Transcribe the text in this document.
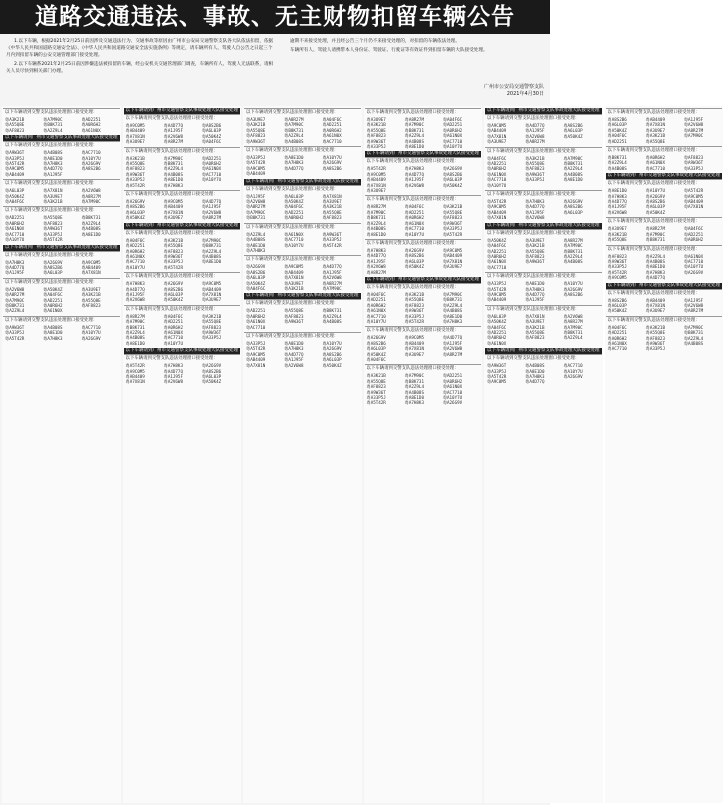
道路交通违法、事故、无主财物扣留车辆公告

1.以下车辆，根据2021年2月25日前因涉及交通违法行为、交通事故等原因由广州市公安局交通警察支队各大队依法扣留，依据《中华人民共和国道路交通安全法》、《中华人民共和国道路交通安全法实施条例》等规定，请车辆所有人、驾驶人自公告之日起三个月内到扣留车辆的公安交通管理部门接受处理。

2.以下车辆系2021年2月25日前因涉嫌违法被扣留的车辆，经公安机关交通管理部门调查，车辆所有人、驾驶人无法联系，请相关人员尽快到相关部门办理。

逾期不来接受处理，并且经公告三个月仍不来接受处理的，对扣留的车辆依法处理。

车辆所有人、驾驶人请携带本人身份证、驾驶证、行驶证等有效证件到扣留车辆的大队接受处理。

广州市公安局交通警察支队
2021年4月30日
以下车辆请到交警支队违法处理窗口接受处理：
粤A3K21B	粤A7M90C	粤AD2251
粤A55Q8E	粤B8K731	粤A0R6H2
粤AF8823	粤A2Z9L4	粤A61N0X
以下车辆请到广州市交通警察支队事故处理大队接受处理
以下车辆请到交警支队违法处理窗口接受处理：
粤A9W36T	粤A4B08S	粤AC7710
粤A33P5J	粤A8E1D0	粤A10Y7U
粤A5T42R	粤A7H8K3	粤A26G9V
粤A9C0M5	粤A4D77Q	粤A8S2B6
粤AB4409	粤A1J95F
以下车辆请到交警支队违法处理窗口接受处理：
粤A6L03P	粤A7X81N	粤A2V6W8
粤A50K4Z	粤A3U9E7	粤A8R27M
粤A04F6C	粤A3K21B	粤A7M90C
以下车辆请到交警支队违法处理窗口接受处理：
粤AD2251	粤A55Q8E	粤B8K731
粤A0R6H2	粤AF8823	粤A2Z9L4
粤A61N0X	粤A9W36T	粤A4B08S
粤AC7710	粤A33P5J	粤A8E1D0
粤A10Y7U	粤A5T42R
以下车辆请到广州市交通警察支队事故处理大队接受处理
以下车辆请到交警支队违法处理窗口接受处理：
粤A7H8K3	粤A26G9V	粤A9C0M5
粤A4D77Q	粤A8S2B6	粤AB4409
粤A1J95F	粤A6L03P	粤A7X81N
以下车辆请到交警支队违法处理窗口接受处理：
粤A2V6W8	粤A50K4Z	粤A3U9E7
粤A8R27M	粤A04F6C	粤A3K21B
粤A7M90C	粤AD2251	粤A55Q8E
粤B8K731	粤A0R6H2	粤AF8823
粤A2Z9L4	粤A61N0X
以下车辆请到交警支队违法处理窗口接受处理：
粤A9W36T	粤A4B08S	粤AC7710
粤A33P5J	粤A8E1D0	粤A10Y7U
粤A5T42R	粤A7H8K3	粤A26G9V
以下车辆请到广州市交通警察支队事故处理大队接受处理
以下车辆请到交警支队违法处理窗口接受处理：
粤A9C0M5	粤A4D77Q	粤A8S2B6
粤AB4409	粤A1J95F	粤A6L03P
粤A7X81N	粤A2V6W8	粤A50K4Z
粤A3U9E7	粤A8R27M	粤A04F6C
以下车辆请到交警支队违法处理窗口接受处理：
粤A3K21B	粤A7M90C	粤AD2251
粤A55Q8E	粤B8K731	粤A0R6H2
粤AF8823	粤A2Z9L4	粤A61N0X
粤A9W36T	粤A4B08S	粤AC7710
粤A33P5J	粤A8E1D0	粤A10Y7U
粤A5T42R	粤A7H8K3
以下车辆请到交警支队违法处理窗口接受处理：
粤A26G9V	粤A9C0M5	粤A4D77Q
粤A8S2B6	粤AB4409	粤A1J95F
粤A6L03P	粤A7X81N	粤A2V6W8
粤A50K4Z	粤A3U9E7	粤A8R27M
以下车辆请到广州市交通警察支队事故处理大队接受处理
以下车辆请到交警支队违法处理窗口接受处理：
粤A04F6C	粤A3K21B	粤A7M90C
粤AD2251	粤A55Q8E	粤B8K731
粤A0R6H2	粤AF8823	粤A2Z9L4
粤A61N0X	粤A9W36T	粤A4B08S
粤AC7710	粤A33P5J	粤A8E1D0
粤A10Y7U	粤A5T42R
以下车辆请到交警支队违法处理窗口接受处理：
粤A7H8K3	粤A26G9V	粤A9C0M5
粤A4D77Q	粤A8S2B6	粤AB4409
粤A1J95F	粤A6L03P	粤A7X81N
粤A2V6W8	粤A50K4Z	粤A3U9E7
以下车辆请到交警支队违法处理窗口接受处理：
粤A8R27M	粤A04F6C	粤A3K21B
粤A7M90C	粤AD2251	粤A55Q8E
粤B8K731	粤A0R6H2	粤AF8823
粤A2Z9L4	粤A61N0X	粤A9W36T
粤A4B08S	粤AC7710	粤A33P5J
粤A8E1D0	粤A10Y7U
以下车辆请到广州市交通警察支队事故处理大队接受处理
以下车辆请到交警支队违法处理窗口接受处理：
粤A5T42R	粤A7H8K3	粤A26G9V
粤A9C0M5	粤A4D77Q	粤A8S2B6
粤AB4409	粤A1J95F	粤A6L03P
粤A7X81N	粤A2V6W8	粤A50K4Z
以下车辆请到交警支队违法处理窗口接受处理：
粤A3U9E7	粤A8R27M	粤A04F6C
粤A3K21B	粤A7M90C	粤AD2251
粤A55Q8E	粤B8K731	粤A0R6H2
粤AF8823	粤A2Z9L4	粤A61N0X
粤A9W36T	粤A4B08S	粤AC7710
以下车辆请到交警支队违法处理窗口接受处理：
粤A33P5J	粤A8E1D0	粤A10Y7U
粤A5T42R	粤A7H8K3	粤A26G9V
粤A9C0M5	粤A4D77Q	粤A8S2B6
粤AB4409
以下车辆请到广州市交通警察支队事故处理大队接受处理
以下车辆请到交警支队违法处理窗口接受处理：
粤A1J95F	粤A6L03P	粤A7X81N
粤A2V6W8	粤A50K4Z	粤A3U9E7
粤A8R27M	粤A04F6C	粤A3K21B
粤A7M90C	粤AD2251	粤A55Q8E
粤B8K731	粤A0R6H2	粤AF8823
以下车辆请到交警支队违法处理窗口接受处理：
粤A2Z9L4	粤A61N0X	粤A9W36T
粤A4B08S	粤AC7710	粤A33P5J
粤A8E1D0	粤A10Y7U	粤A5T42R
粤A7H8K3
以下车辆请到交警支队违法处理窗口接受处理：
粤A26G9V	粤A9C0M5	粤A4D77Q
粤A8S2B6	粤AB4409	粤A1J95F
粤A6L03P	粤A7X81N	粤A2V6W8
粤A50K4Z	粤A3U9E7	粤A8R27M
粤A04F6C	粤A3K21B	粤A7M90C
以下车辆请到广州市交通警察支队事故处理大队接受处理
以下车辆请到交警支队违法处理窗口接受处理：
粤AD2251	粤A55Q8E	粤B8K731
粤A0R6H2	粤AF8823	粤A2Z9L4
粤A61N0X	粤A9W36T	粤A4B08S
粤AC7710
以下车辆请到交警支队违法处理窗口接受处理：
粤A33P5J	粤A8E1D0	粤A10Y7U
粤A5T42R	粤A7H8K3	粤A26G9V
粤A9C0M5	粤A4D77Q	粤A8S2B6
粤AB4409	粤A1J95F	粤A6L03P
粤A7X81N	粤A2V6W8	粤A50K4Z
以下车辆请到交警支队违法处理窗口接受处理：
粤A3U9E7	粤A8R27M	粤A04F6C
粤A3K21B	粤A7M90C	粤AD2251
粤A55Q8E	粤B8K731	粤A0R6H2
粤AF8823	粤A2Z9L4	粤A61N0X
粤A9W36T	粤A4B08S	粤AC7710
粤A33P5J	粤A8E1D0	粤A10Y7U
以下车辆请到广州市交通警察支队事故处理大队接受处理
以下车辆请到交警支队违法处理窗口接受处理：
粤A5T42R	粤A7H8K3	粤A26G9V
粤A9C0M5	粤A4D77Q	粤A8S2B6
粤AB4409	粤A1J95F	粤A6L03P
粤A7X81N	粤A2V6W8	粤A50K4Z
粤A3U9E7
以下车辆请到交警支队违法处理窗口接受处理：
粤A8R27M	粤A04F6C	粤A3K21B
粤A7M90C	粤AD2251	粤A55Q8E
粤B8K731	粤A0R6H2	粤AF8823
粤A2Z9L4	粤A61N0X	粤A9W36T
粤A4B08S	粤AC7710	粤A33P5J
粤A8E1D0	粤A10Y7U	粤A5T42R
以下车辆请到交警支队违法处理窗口接受处理：
粤A7H8K3	粤A26G9V	粤A9C0M5
粤A4D77Q	粤A8S2B6	粤AB4409
粤A1J95F	粤A6L03P	粤A7X81N
粤A2V6W8	粤A50K4Z	粤A3U9E7
粤A8R27M
以下车辆请到广州市交通警察支队事故处理大队接受处理
以下车辆请到交警支队违法处理窗口接受处理：
粤A04F6C	粤A3K21B	粤A7M90C
粤AD2251	粤A55Q8E	粤B8K731
粤A0R6H2	粤AF8823	粤A2Z9L4
粤A61N0X	粤A9W36T	粤A4B08S
粤AC7710	粤A33P5J	粤A8E1D0
粤A10Y7U	粤A5T42R	粤A7H8K3
以下车辆请到交警支队违法处理窗口接受处理：
粤A26G9V	粤A9C0M5	粤A4D77Q
粤A8S2B6	粤AB4409	粤A1J95F
粤A6L03P	粤A7X81N	粤A2V6W8
粤A50K4Z	粤A3U9E7	粤A8R27M
粤A04F6C
以下车辆请到交警支队违法处理窗口接受处理：
粤A3K21B	粤A7M90C	粤AD2251
粤A55Q8E	粤B8K731	粤A0R6H2
粤AF8823	粤A2Z9L4	粤A61N0X
粤A9W36T	粤A4B08S	粤AC7710
粤A33P5J	粤A8E1D0	粤A10Y7U
粤A5T42R	粤A7H8K3	粤A26G9V
以下车辆请到广州市交通警察支队事故处理大队接受处理
以下车辆请到交警支队违法处理窗口接受处理：
粤A9C0M5	粤A4D77Q	粤A8S2B6
粤AB4409	粤A1J95F	粤A6L03P
粤A7X81N	粤A2V6W8	粤A50K4Z
粤A3U9E7	粤A8R27M
以下车辆请到交警支队违法处理窗口接受处理：
粤A04F6C	粤A3K21B	粤A7M90C
粤AD2251	粤A55Q8E	粤B8K731
粤A0R6H2	粤AF8823	粤A2Z9L4
粤A61N0X	粤A9W36T	粤A4B08S
粤AC7710	粤A33P5J	粤A8E1D0
粤A10Y7U
以下车辆请到交警支队违法处理窗口接受处理：
粤A5T42R	粤A7H8K3	粤A26G9V
粤A9C0M5	粤A4D77Q	粤A8S2B6
粤AB4409	粤A1J95F	粤A6L03P
粤A7X81N	粤A2V6W8
以下车辆请到广州市交通警察支队事故处理大队接受处理
以下车辆请到交警支队违法处理窗口接受处理：
粤A50K4Z	粤A3U9E7	粤A8R27M
粤A04F6C	粤A3K21B	粤A7M90C
粤AD2251	粤A55Q8E	粤B8K731
粤A0R6H2	粤AF8823	粤A2Z9L4
粤A61N0X	粤A9W36T	粤A4B08S
粤AC7710
以下车辆请到交警支队违法处理窗口接受处理：
粤A33P5J	粤A8E1D0	粤A10Y7U
粤A5T42R	粤A7H8K3	粤A26G9V
粤A9C0M5	粤A4D77Q	粤A8S2B6
粤AB4409	粤A1J95F
以下车辆请到交警支队违法处理窗口接受处理：
粤A6L03P	粤A7X81N	粤A2V6W8
粤A50K4Z	粤A3U9E7	粤A8R27M
粤A04F6C	粤A3K21B	粤A7M90C
粤AD2251	粤A55Q8E	粤B8K731
粤A0R6H2	粤AF8823	粤A2Z9L4
粤A61N0X
以下车辆请到广州市交通警察支队事故处理大队接受处理
以下车辆请到交警支队违法处理窗口接受处理：
粤A9W36T	粤A4B08S	粤AC7710
粤A33P5J	粤A8E1D0	粤A10Y7U
粤A5T42R	粤A7H8K3	粤A26G9V
粤A9C0M5	粤A4D77Q
以下车辆请到交警支队违法处理窗口接受处理：
粤A8S2B6	粤AB4409	粤A1J95F
粤A6L03P	粤A7X81N	粤A2V6W8
粤A50K4Z	粤A3U9E7	粤A8R27M
粤A04F6C	粤A3K21B	粤A7M90C
粤AD2251	粤A55Q8E
以下车辆请到交警支队违法处理窗口接受处理：
粤B8K731	粤A0R6H2	粤AF8823
粤A2Z9L4	粤A61N0X	粤A9W36T
粤A4B08S	粤AC7710	粤A33P5J
以下车辆请到广州市交通警察支队事故处理大队接受处理
以下车辆请到交警支队违法处理窗口接受处理：
粤A8E1D0	粤A10Y7U	粤A5T42R
粤A7H8K3	粤A26G9V	粤A9C0M5
粤A4D77Q	粤A8S2B6	粤AB4409
粤A1J95F	粤A6L03P	粤A7X81N
粤A2V6W8	粤A50K4Z
以下车辆请到交警支队违法处理窗口接受处理：
粤A3U9E7	粤A8R27M	粤A04F6C
粤A3K21B	粤A7M90C	粤AD2251
粤A55Q8E	粤B8K731	粤A0R6H2
以下车辆请到交警支队违法处理窗口接受处理：
粤AF8823	粤A2Z9L4	粤A61N0X
粤A9W36T	粤A4B08S	粤AC7710
粤A33P5J	粤A8E1D0	粤A10Y7U
粤A5T42R	粤A7H8K3	粤A26G9V
粤A9C0M5	粤A4D77Q
以下车辆请到广州市交通警察支队事故处理大队接受处理
以下车辆请到交警支队违法处理窗口接受处理：
粤A8S2B6	粤AB4409	粤A1J95F
粤A6L03P	粤A7X81N	粤A2V6W8
粤A50K4Z	粤A3U9E7	粤A8R27M
以下车辆请到交警支队违法处理窗口接受处理：
粤A04F6C	粤A3K21B	粤A7M90C
粤AD2251	粤A55Q8E	粤B8K731
粤A0R6H2	粤AF8823	粤A2Z9L4
粤A61N0X	粤A9W36T	粤A4B08S
粤AC7710	粤A33P5J
